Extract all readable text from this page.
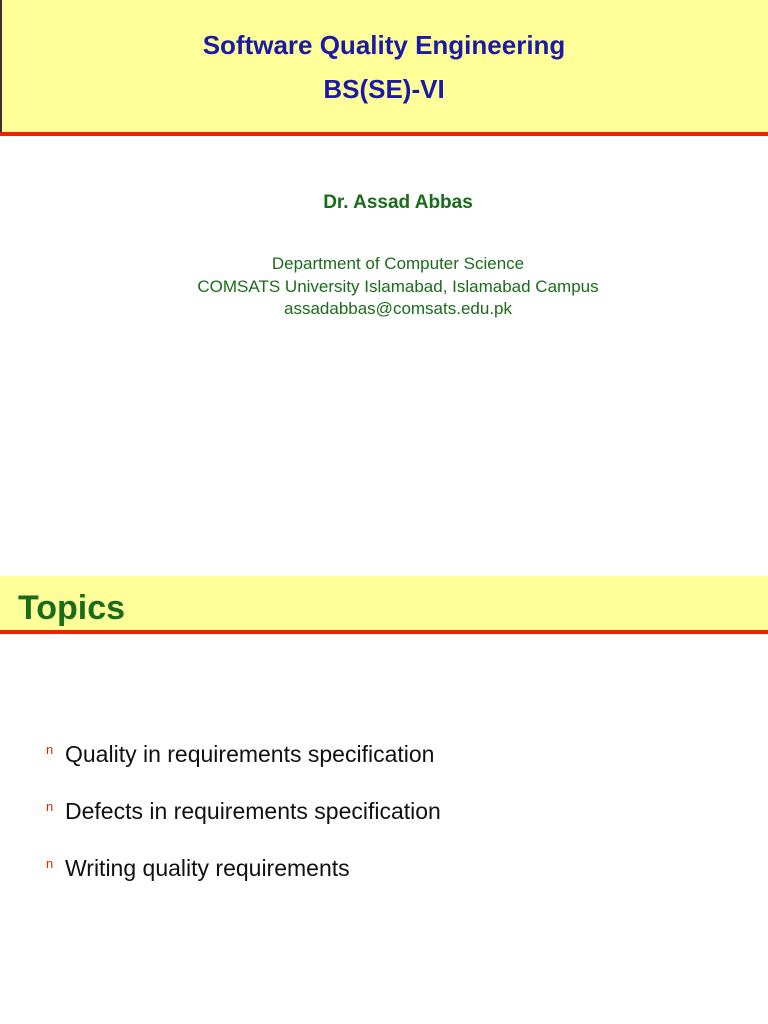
Software Quality Engineering
BS(SE)-VI
Dr. Assad Abbas
Department of Computer Science
COMSATS University Islamabad, Islamabad Campus
assadabbas@comsats.edu.pk
Topics
n Quality in requirements specification
n Defects in requirements specification
n Writing quality requirements
